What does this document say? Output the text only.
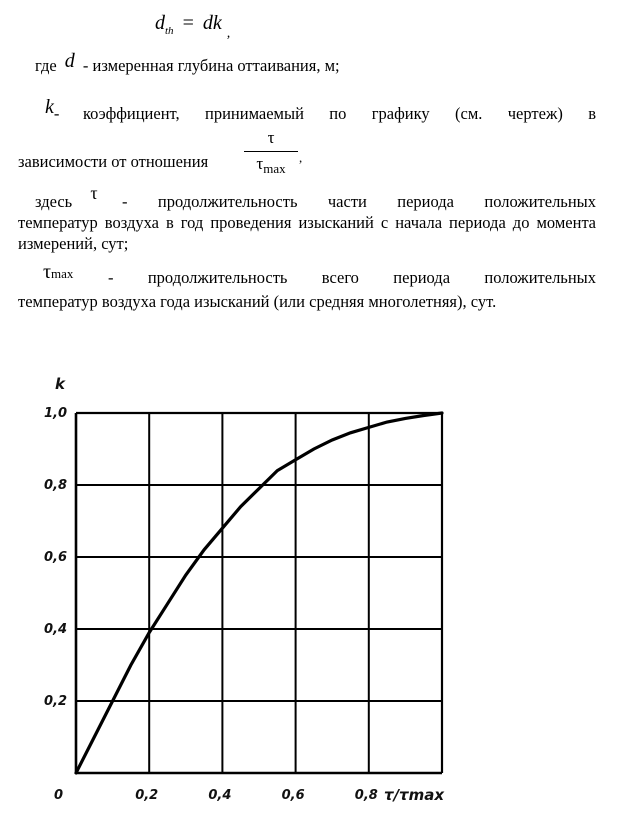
$d_{th}$ = dk $_,$
где d - измеренная глубина оттаивания, м;
k- коэффициент, принимаемый по графику (см. чертеж) в
зависимости от отношения
τ
$\tau_{max}$
,
здесь τ - продолжительность части периода положительных
температур воздуха в год проведения изысканий с начала периода до моментa измерений, сут;
$\tau^{max}$ - продолжительность всего периода положительных
температур воздуха года изысканий (или средняя многолетняя), сут.
k
0,2
0,4
0,6
0,8
1,0
0	0,2	0,4	0,6	0,8 τ/τmax
